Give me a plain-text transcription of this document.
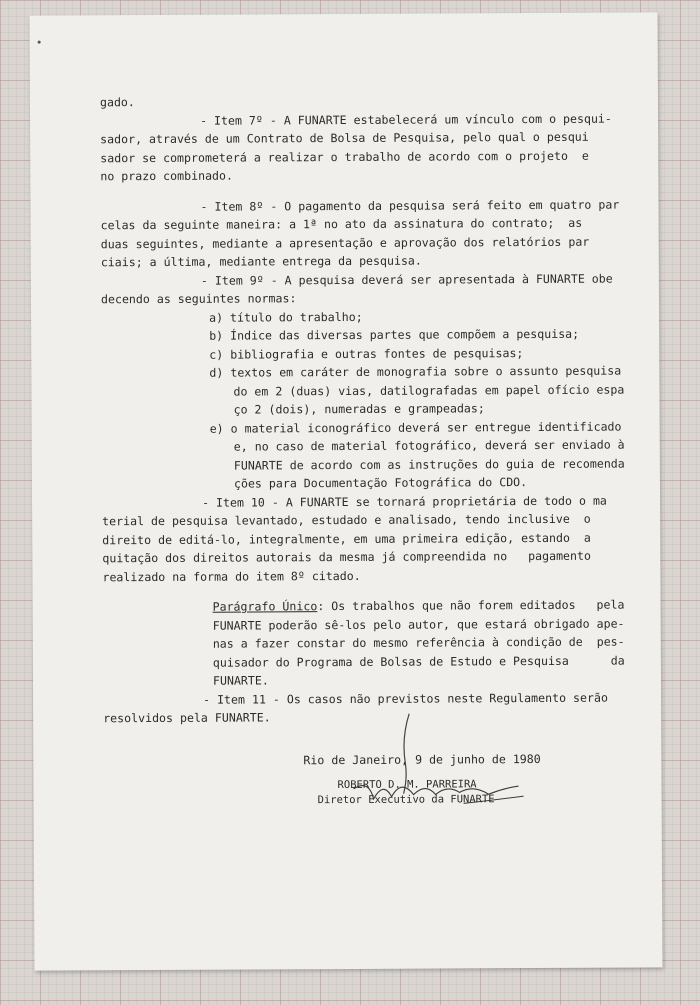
gado.
- Item 7º - A FUNARTE estabelecerá um vínculo com o pesqui-
sador, através de um Contrato de Bolsa de Pesquisa, pelo qual o pesqui
sador se comprometerá a realizar o trabalho de acordo com o projeto  e
no prazo combinado.
- Item 8º - O pagamento da pesquisa será feito em quatro par
celas da seguinte maneira: a 1ª no ato da assinatura do contrato;  as
duas seguintes, mediante a apresentação e aprovação dos relatórios par
ciais; a última, mediante entrega da pesquisa.
- Item 9º - A pesquisa deverá ser apresentada à FUNARTE obe
decendo as seguintes normas:
a) título do trabalho;
b) Índice das diversas partes que compõem a pesquisa;
c) bibliografia e outras fontes de pesquisas;
d) textos em caráter de monografia sobre o assunto pesquisa
do em 2 (duas) vias, datilografadas em papel ofício espa
ço 2 (dois), numeradas e grampeadas;
e) o material iconográfico deverá ser entregue identificado
e, no caso de material fotográfico, deverá ser enviado à
FUNARTE de acordo com as instruções do guia de recomenda
ções para Documentação Fotográfica do CDO.
- Item 10 - A FUNARTE se tornará proprietária de todo o ma
terial de pesquisa levantado, estudado e analisado, tendo inclusive  o
direito de editá-lo, integralmente, em uma primeira edição, estando  a
quitação dos direitos autorais da mesma já compreendida no   pagamento
realizado na forma do item 8º citado.
Parágrafo Único: Os trabalhos que não forem editados   pela
FUNARTE poderão sê-los pelo autor, que estará obrigado ape-
nas a fazer constar do mesmo referência à condição de  pes-
quisador do Programa de Bolsas de Estudo e Pesquisa      da
FUNARTE.
- Item 11 - Os casos não previstos neste Regulamento serão
resolvidos pela FUNARTE.
Rio de Janeiro, 9 de junho de 1980
ROBERTO D. M. PARREIRA
Diretor Executivo da FUNARTE
